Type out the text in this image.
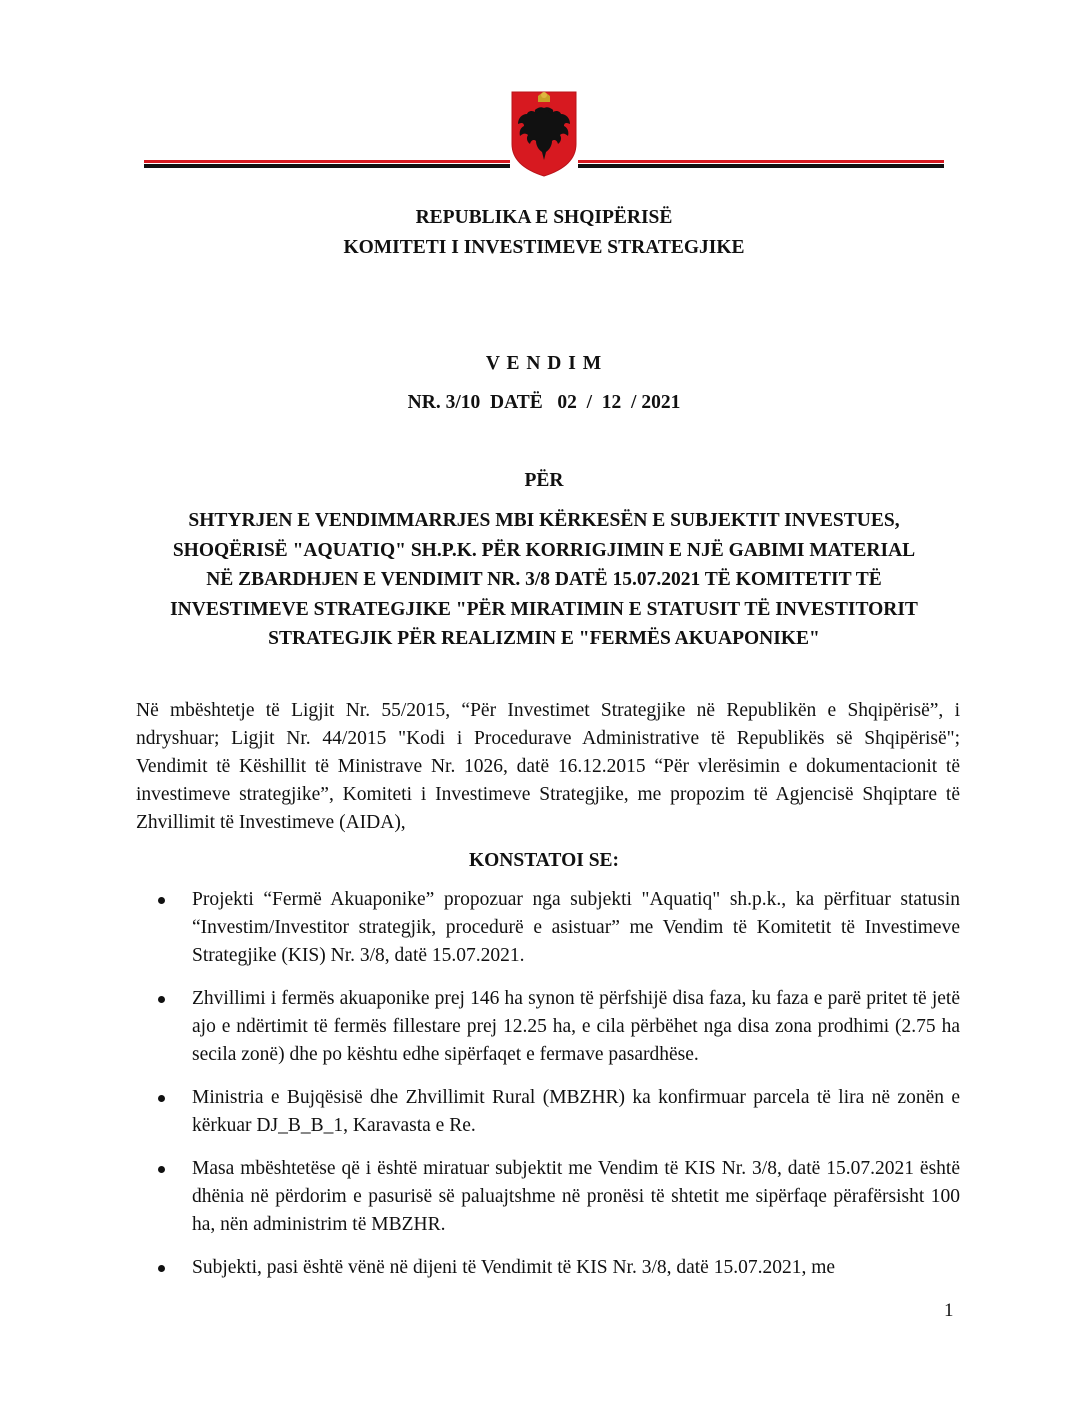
REPUBLIKA E SHQIPËRISË
KOMITETI I INVESTIMEVE STRATEGJIKE
V E N D I M
NR. 3/10  DATË   02  /  12  / 2021
PËR
SHTYRJEN E VENDIMMARRJES MBI KËRKESËN E SUBJEKTIT INVESTUES,
SHOQËRISË "AQUATIQ" SH.P.K. PËR KORRIGJIMIN E NJË GABIMI MATERIAL
NË ZBARDHJEN E VENDIMIT NR. 3/8 DATË 15.07.2021 TË KOMITETIT TË
INVESTIMEVE STRATEGJIKE "PËR MIRATIMIN E STATUSIT TË INVESTITORIT
STRATEGJIK PËR REALIZMIN E "FERMËS AKUAPONIKE"
Në mbështetje të Ligjit Nr. 55/2015, “Për Investimet Strategjike në Republikën e Shqipërisë”, i ndryshuar; Ligjit Nr. 44/2015 "Kodi i Procedurave Administrative të Republikës së Shqipërisë"; Vendimit të Këshillit të Ministrave Nr. 1026, datë 16.12.2015 “Për vlerësimin e dokumentacionit të investimeve strategjike”, Komiteti i Investimeve Strategjike, me propozim të Agjencisë Shqiptare të Zhvillimit të Investimeve (AIDA),
KONSTATOI SE:
Projekti “Fermë Akuaponike” propozuar nga subjekti "Aquatiq" sh.p.k., ka përfituar statusin “Investim/Investitor strategjik, procedurë e asistuar” me Vendim të Komitetit të Investimeve Strategjike (KIS) Nr. 3/8, datë 15.07.2021.
Zhvillimi i fermës akuaponike prej 146 ha synon të përfshijë disa faza, ku faza e parë pritet të jetë ajo e ndërtimit të fermës fillestare prej 12.25 ha, e cila përbëhet nga disa zona prodhimi (2.75 ha secila zonë) dhe po kështu edhe sipërfaqet e fermave pasardhëse.
Ministria e Bujqësisë dhe Zhvillimit Rural (MBZHR) ka konfirmuar parcela të lira në zonën e kërkuar DJ_B_B_1, Karavasta e Re.
Masa mbështetëse që i është miratuar subjektit me Vendim të KIS Nr. 3/8, datë 15.07.2021 është dhënia në përdorim e pasurisë së paluajtshme në pronësi të shtetit me sipërfaqe përafërsisht 100 ha, nën administrim të MBZHR.
Subjekti, pasi është vënë në dijeni të Vendimit të KIS Nr. 3/8, datë 15.07.2021, me
1
